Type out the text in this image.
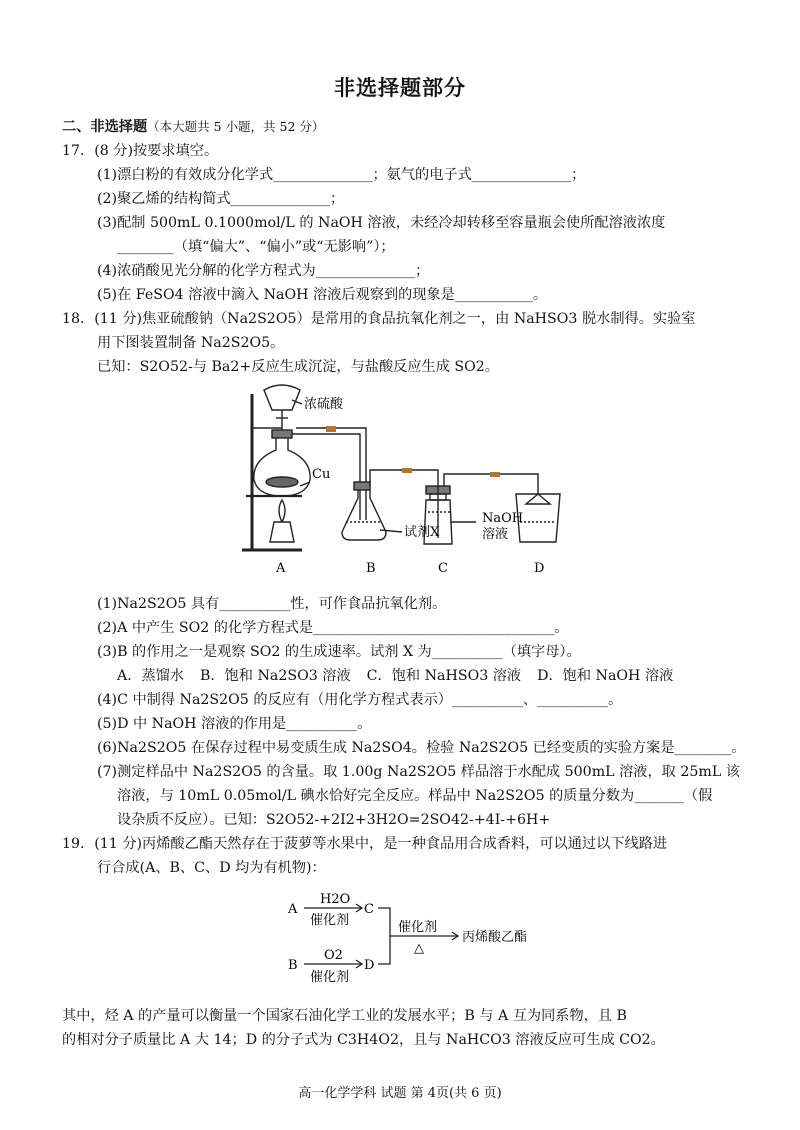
非选择题部分
二、非选择题（本大题共 5 小题，共 52 分）
17．(8 分)按要求填空。
(1)漂白粉的有效成分化学式______________；氨气的电子式______________；
(2)聚乙烯的结构简式______________；
(3)配制 500mL 0.1000mol/L 的 NaOH 溶液，未经冷却转移至容量瓶会使所配溶液浓度
________（填“偏大”、“偏小”或“无影响”）；
(4)浓硝酸见光分解的化学方程式为______________；
(5)在 FeSO4 溶液中滴入 NaOH 溶液后观察到的现象是___________。
18．(11 分)焦亚硫酸钠（Na2S2O5）是常用的食品抗氧化剂之一，由 NaHSO3 脱水制得。实验室
用下图装置制备 Na2S2O5。
已知：S2O52-与 Ba2+反应生成沉淀，与盐酸反应生成 SO2。
浓硫酸
Cu
试剂X
NaOH
溶液
A	B	C	D
(1)Na2S2O5 具有__________性，可作食品抗氧化剂。
(2)A 中产生 SO2 的化学方程式是__________________________________。
(3)B 的作用之一是观察 SO2 的生成速率。试剂 X 为__________（填字母）。
A．蒸馏水 B．饱和 Na2SO3 溶液 C．饱和 NaHSO3 溶液 D．饱和 NaOH 溶液
(4)C 中制得 Na2S2O5 的反应有（用化学方程式表示）__________、__________。
(5)D 中 NaOH 溶液的作用是__________。
(6)Na2S2O5 在保存过程中易变质生成 Na2SO4。检验 Na2S2O5 已经变质的实验方案是________。
(7)测定样品中 Na2S2O5 的含量。取 1.00g Na2S2O5 样品溶于水配成 500mL 溶液，取 25mL 该
溶液，与 10mL 0.05mol/L 碘水恰好完全反应。样品中 Na2S2O5 的质量分数为_______（假
设杂质不反应）。已知：S2O52-+2I2+3H2O=2SO42-+4I-+6H+
19．(11 分)丙烯酸乙酯天然存在于菠萝等水果中，是一种食品用合成香料，可以通过以下线路进
行合成(A、B、C、D 均为有机物)：
A	C
B	D
H2O
催化剂
O2
催化剂
催化剂
△
丙烯酸乙酯
其中，烃 A 的产量可以衡量一个国家石油化学工业的发展水平；B 与 A 互为同系物，且 B
的相对分子质量比 A 大 14；D 的分子式为 C3H4O2，且与 NaHCO3 溶液反应可生成 CO2。
高一化学学科 试题 第 4页(共 6 页)
